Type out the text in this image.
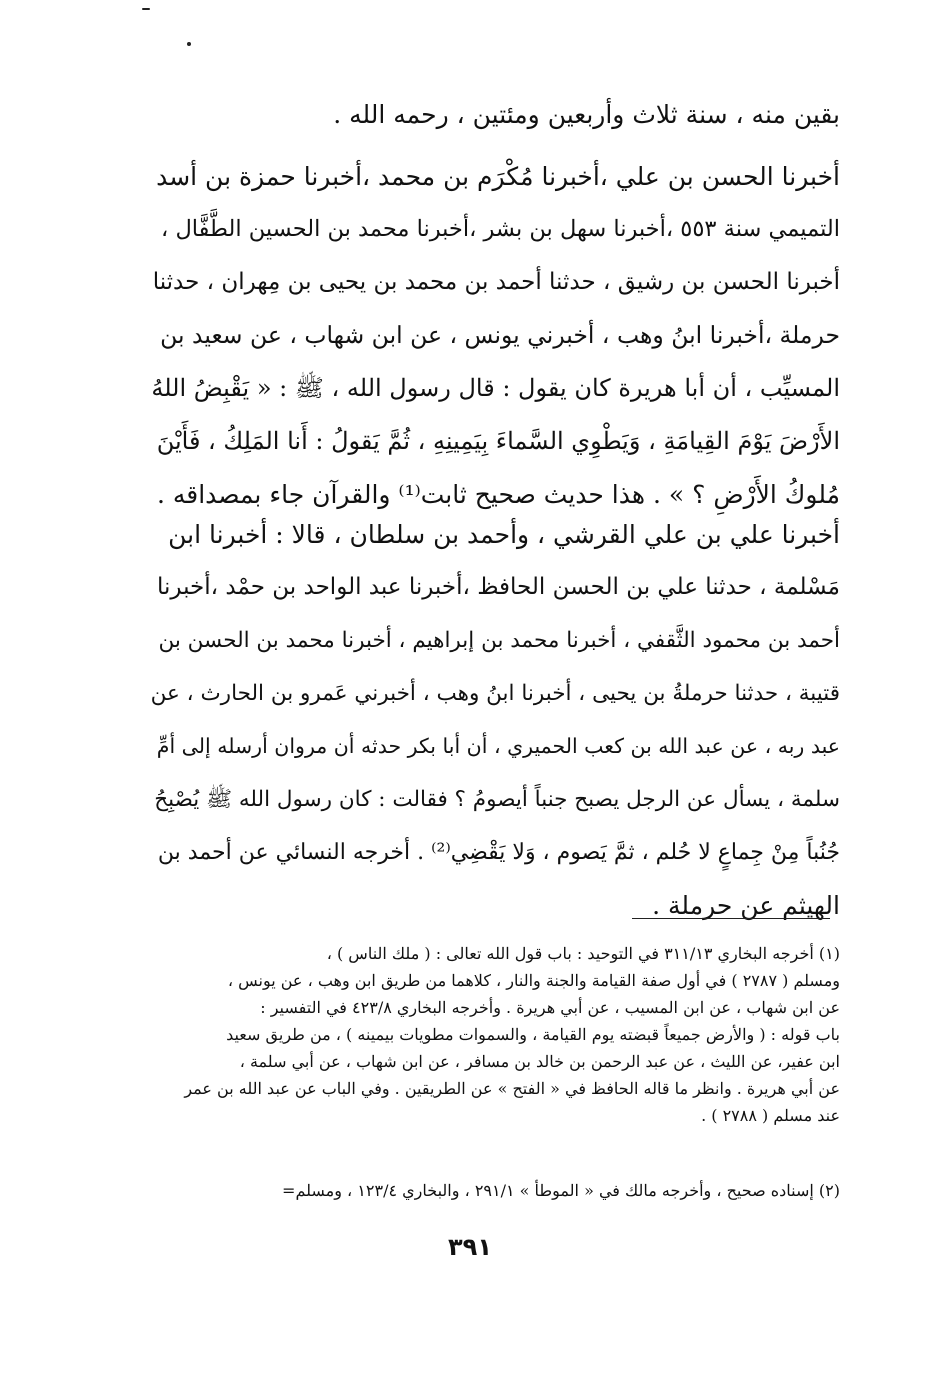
بقين منه ، سنة ثلاث وأربعين ومئتين ، رحمه الله .
أخبرنا الحسن بن علي ،أخبرنا مُكْرَم بن محمد ،أخبرنا حمزة بن أسد
التميمي سنة ٥٥٣ ،أخبرنا سهل بن بشر ،أخبرنا محمد بن الحسين الطَّفَّال ،
أخبرنا الحسن بن رشيق ، حدثنا أحمد بن محمد بن يحيى بن مِهران ، حدثنا
حرملة ،أخبرنا ابنُ وهب ، أخبرني يونس ، عن ابن شهاب ، عن سعيد بن
المسيِّب ، أن أبا هريرة كان يقول : قال رسول الله ، ﷺ : « يَقْبِضُ اللهُ
الأَرْضَ يَوْمَ القِيامَةِ ، وَيَطْوِي السَّماءَ بِيَمِينِهِ ، ثُمَّ يَقولُ : أَنا المَلِكُ ، فَأَيْنَ
مُلوكُ الأَرْضِ ؟ » . هذا حديث صحيح ثابت⁽¹⁾ والقرآن جاء بمصداقه .
أخبرنا علي بن علي القرشي ، وأحمد بن سلطان ، قالا : أخبرنا ابن
مَسْلمة ، حدثنا علي بن الحسن الحافظ ،أخبرنا عبد الواحد بن حمْد ،أخبرنا
أحمد بن محمود الثَّقفي ، أخبرنا محمد بن إبراهيم ، أخبرنا محمد بن الحسن بن
قتيبة ، حدثنا حرملةُ بن يحيى ، أخبرنا ابنُ وهب ، أخبرني عَمرو بن الحارث ، عن
عبد ربه ، عن عبد الله بن كعب الحميري ، أن أبا بكر حدثه أن مروان أرسله إلى أمِّ
سلمة ، يسأل عن الرجل يصبح جنباً أيصومُ ؟ فقالت : كان رسول الله ﷺ يُصْبِحُ
جُنُباً مِنْ جِماعٍ لا حُلم ، ثمَّ يَصوم ، وَلا يَقْضِي⁽²⁾ . أخرجه النسائي عن أحمد بن
الهيثم عن حرملة .
(١) أخرجه البخاري ٣١١/١٣ في التوحيد : باب قول الله تعالى : ( ملك الناس ) ،
ومسلم ( ٢٧٨٧ ) في أول صفة القيامة والجنة والنار ، كلاهما من طريق ابن وهب ، عن يونس ،
عن ابن شهاب ، عن ابن المسيب ، عن أبي هريرة . وأخرجه البخاري ٤٢٣/٨ في التفسير :
باب قوله : ( والأرض جميعاً قبضته يوم القيامة ، والسموات مطويات بيمينه ) ، من طريق سعيد
ابن عفير، عن الليث ، عن عبد الرحمن بن خالد بن مسافر ، عن ابن شهاب ، عن أبي سلمة ،
عن أبي هريرة . وانظر ما قاله الحافظ في « الفتح » عن الطريقين . وفي الباب عن عبد الله بن عمر
عند مسلم ( ٢٧٨٨ ) .
(٢) إسناده صحيح ، وأخرجه مالك في « الموطأ » ٢٩١/١ ، والبخاري ١٢٣/٤ ، ومسلم=
٣٩١
